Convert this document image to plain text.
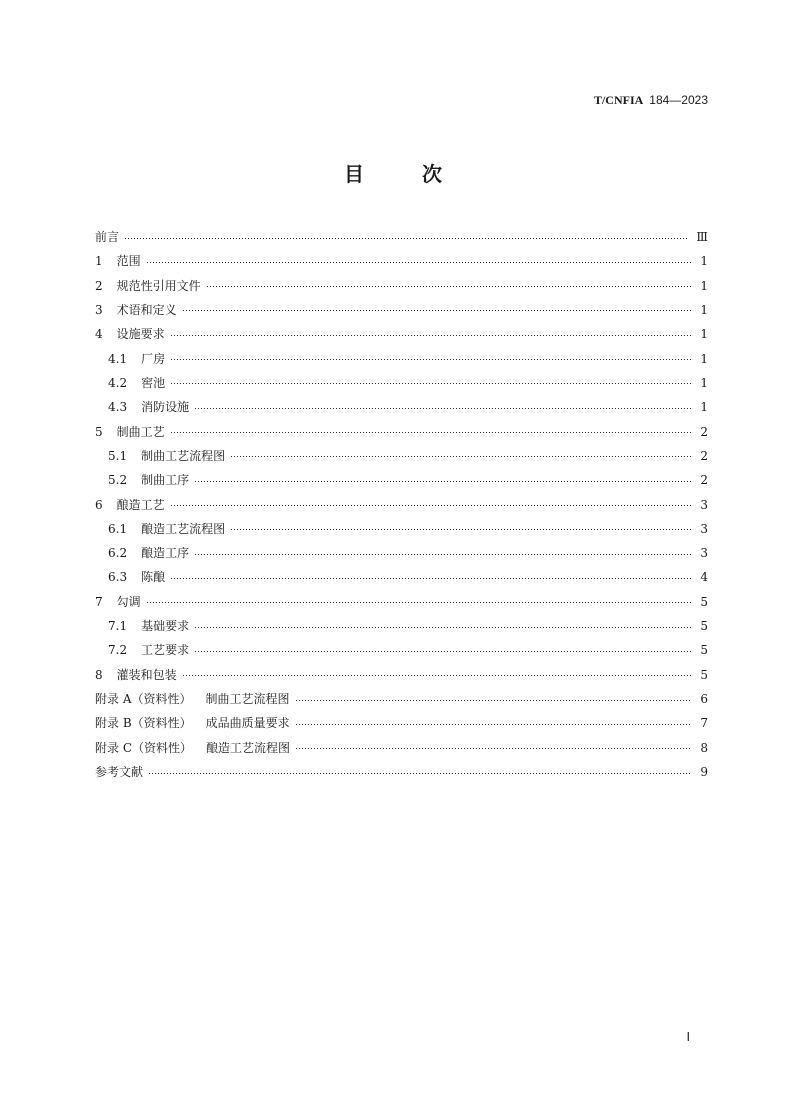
T/CNFIA 184—2023
目　　次
前言	Ⅲ
1 范围	1
2 规范性引用文件	1
3 术语和定义	1
4 设施要求	1
4.1 厂房	1
4.2 窖池	1
4.3 消防设施	1
5 制曲工艺	2
5.1 制曲工艺流程图	2
5.2 制曲工序	2
6 酿造工艺	3
6.1 酿造工艺流程图	3
6.2 酿造工序	3
6.3 陈酿	4
7 勾调	5
7.1 基础要求	5
7.2 工艺要求	5
8 灌装和包装	5
附录 A（资料性） 制曲工艺流程图	6
附录 B（资料性） 成品曲质量要求	7
附录 C（资料性） 酿造工艺流程图	8
参考文献	9
Ⅰ
